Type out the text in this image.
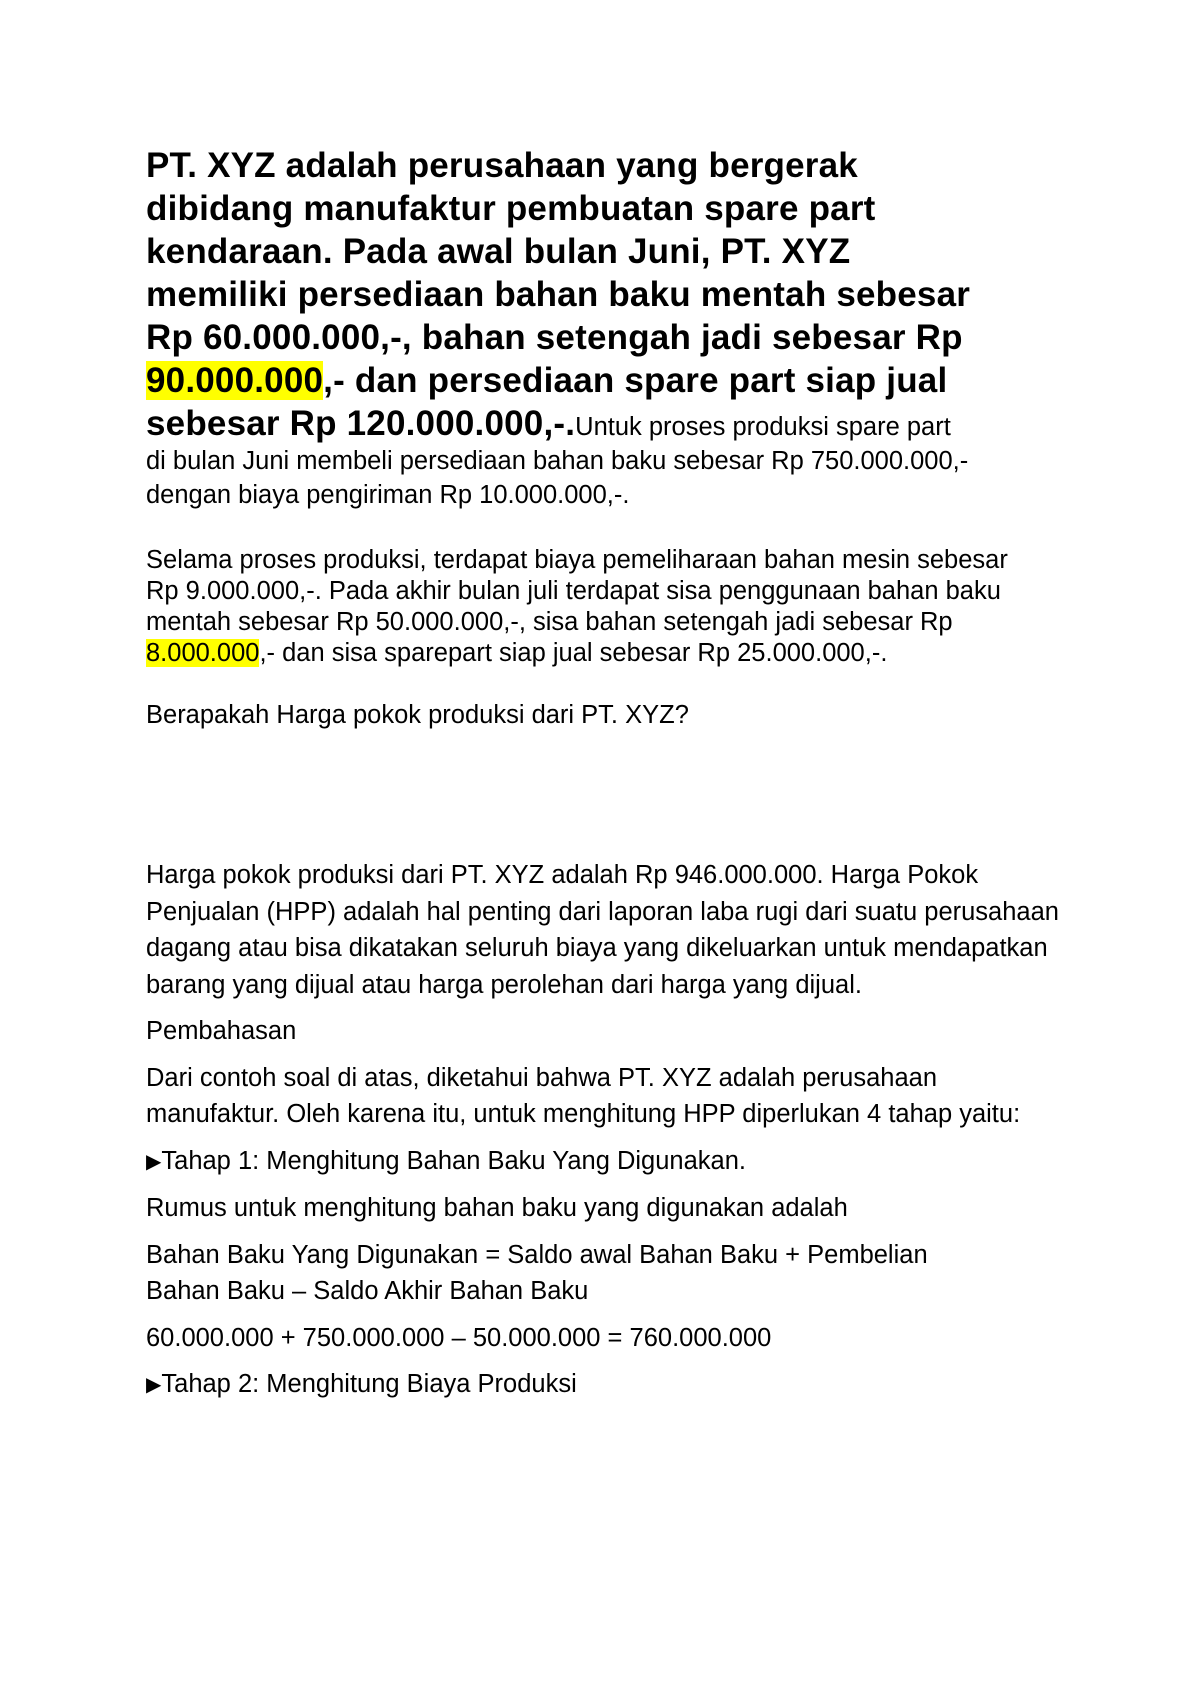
PT. XYZ adalah perusahaan yang bergerak dibidang manufaktur pembuatan spare part kendaraan. Pada awal bulan Juni, PT. XYZ memiliki persediaan bahan baku mentah sebesar Rp 60.000.000,-, bahan setengah jadi sebesar Rp 90.000.000,- dan persediaan spare part siap jual sebesar Rp 120.000.000,-.Untuk proses produksi spare part di bulan Juni membeli persediaan bahan baku sebesar Rp 750.000.000,- dengan biaya pengiriman Rp 10.000.000,-.

Selama proses produksi, terdapat biaya pemeliharaan bahan mesin sebesar Rp 9.000.000,-. Pada akhir bulan juli terdapat sisa penggunaan bahan baku mentah sebesar Rp 50.000.000,-, sisa bahan setengah jadi sebesar Rp 8.000.000,- dan sisa sparepart siap jual sebesar Rp 25.000.000,-.

Berapakah Harga pokok produksi dari PT. XYZ?

Harga pokok produksi dari PT. XYZ adalah Rp 946.000.000. Harga Pokok Penjualan (HPP) adalah hal penting dari laporan laba rugi dari suatu perusahaan dagang atau bisa dikatakan seluruh biaya yang dikeluarkan untuk mendapatkan barang yang dijual atau harga perolehan dari harga yang dijual.

Pembahasan

Dari contoh soal di atas, diketahui bahwa PT. XYZ adalah perusahaan manufaktur. Oleh karena itu, untuk menghitung HPP diperlukan 4 tahap yaitu:

▶Tahap 1: Menghitung Bahan Baku Yang Digunakan.

Rumus untuk menghitung bahan baku yang digunakan adalah

Bahan Baku Yang Digunakan = Saldo awal Bahan Baku + Pembelian Bahan Baku – Saldo Akhir Bahan Baku

60.000.000 + 750.000.000 – 50.000.000 = 760.000.000

▶Tahap 2: Menghitung Biaya Produksi
